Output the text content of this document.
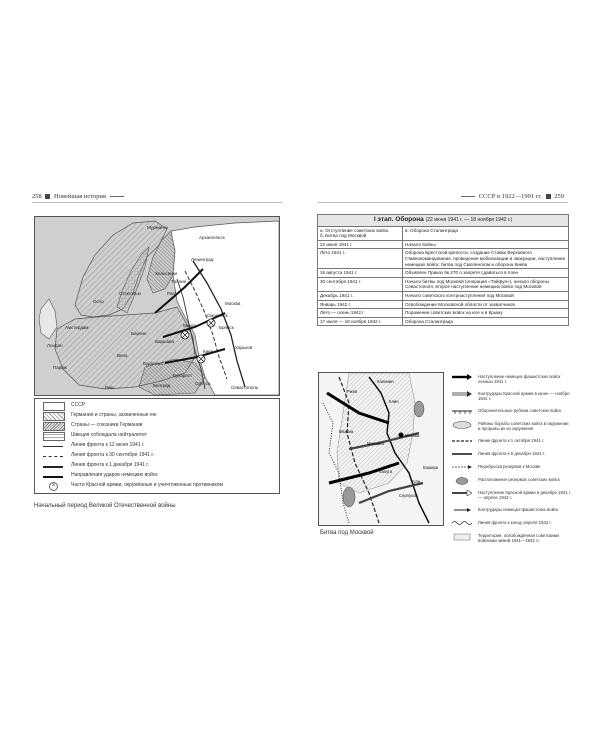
258 Новейшая история	СССР в 1922—1991 гг. 259
Мурманск
Архангельск
Ленинград
Хельсинки
Стокгольм
Осло
Таллин
Рига
Москва
Смоленск
Брянск
Минск
Киев
Одесса
Берлин
Варшава
Амстердам
Лондон
Париж
Вена
Будапешт
Бухарест
Рим	Севастополь
Харьков
Белград
СССР
Германия и страны, захваченные ею
Страны — союзники Германии
Швеция соблюдала нейтралитет
Линия фронта к 12 июня 1941 г.
Линия фронта к 30 сентября 1941 г.
Линия фронта к 1 декабря 1941 г.
Направления ударов немецких войск
×	Части Красной армии, окружённые и уничтоженные противником
Начальный период Великой Отечественной войны
I этап. Оборона (22 июня 1941 г. — 18 ноября 1942 г.)	
а. Отступление советских войск.
б. Битва под Москвой	в. Оборона Сталинграда
22 июня 1941 г.	Начало войны
Лето 1941 г.	Оборона Брестской крепости, создание Ставки Верховного Главнокомандования, проведение мобилизации и эвакуации, наступление немецких войск; битва под Смоленском и оборона Киева
16 августа 1941 г.	Объявлен Приказ № 270 о запрете сдаваться в плен
30 сентября 1941 г.	Начало битвы под Москвой (операция «Тайфун»), начало обороны Севастополя, второе наступление немецких войск под Москвой
Декабрь 1941 г.	Начало советского контрнаступления под Москвой
Январь 1942 г.	Освобождение Московской области от захватчиков
Лето — осень 1942 г.	Поражение советских войск на юге и в Крыму
17 июля — 18 ноября 1942 г.	Оборона Сталинграда
Калинин
Клин
Москва
Тула
Калуга
Вязьма
Ржев
Можайск
Серпухов
Кашира
Битва под Москвой
Наступление немецко-фашистских войск осенью 1941 г.
Контрудары Красной армии в июне — ноябре 1941 г.
Оборонительные рубежи советских войск
Районы борьбы советских войск в окружении и прорывы их из окружения
Линия фронта к 1 октября 1941 г.
Линия фронта к 5 декабря 1941 г.
Переброска резервов к Москве
Расположение резервов советских войск
Наступление Красной армии в декабре 1941 г. — апреле 1942 г.
Контрудары немецко-фашистских войск
Линия фронта к концу апреля 1942 г.
Территория, освобождённая советскими войсками зимой 1941—1942 гг.
